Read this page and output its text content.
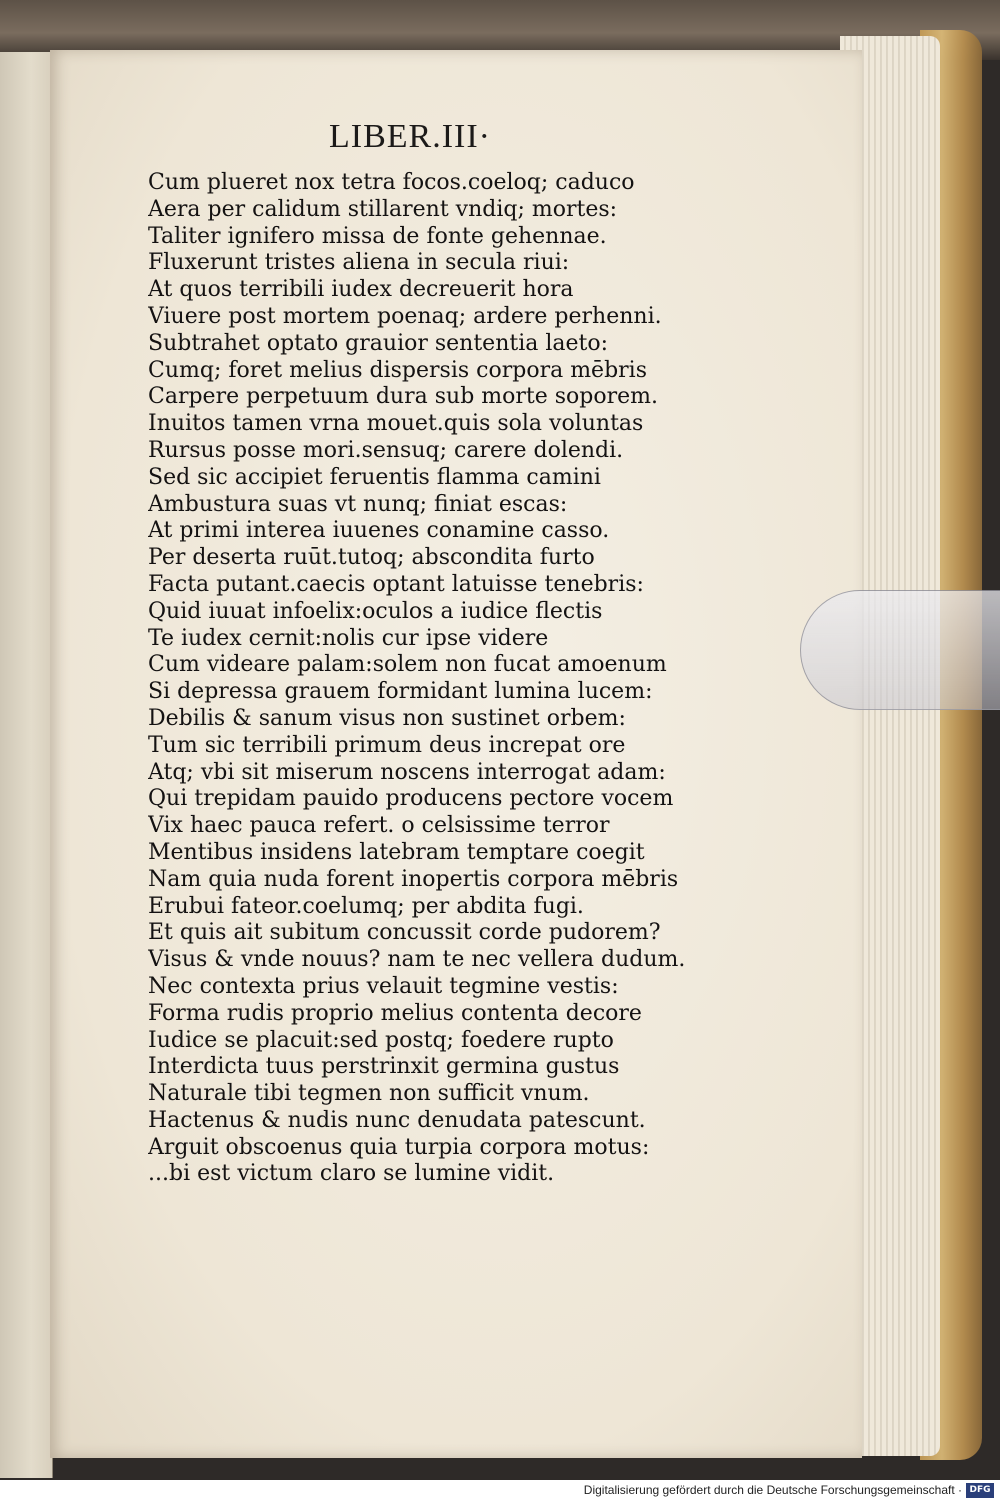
LIBER.III·
Cum plueret nox tetra focos.coeloq; caduco
Aera per calidum stillarent vndiq; mortes:
Taliter ignifero missa de fonte gehennae.
Fluxerunt tristes aliena in secula riui:
At quos terribili iudex decreuerit hora
Viuere post mortem poenaq; ardere perhenni.
Subtrahet optato grauior sententia laeto:
Cumq; foret melius dispersis corpora mēbris
Carpere perpetuum dura sub morte soporem.
Inuitos tamen vrna mouet.quis sola voluntas
Rursus posse mori.sensuq; carere dolendi.
Sed sic accipiet feruentis flamma camini
Ambustura suas vt nunq; finiat escas:
At primi interea iuuenes conamine casso.
Per deserta ruūt.tutoq; abscondita furto
Facta putant.caecis optant latuisse tenebris:
Quid iuuat infoelix:oculos a iudice flectis
Te iudex cernit:nolis cur ipse videre
Cum videare palam:solem non fucat amoenum
Si depressa grauem formidant lumina lucem:
Debilis & sanum visus non sustinet orbem:
Tum sic terribili primum deus increpat ore
Atq; vbi sit miserum noscens interrogat adam:
Qui trepidam pauido producens pectore vocem
Vix haec pauca refert. o celsissime terror
Mentibus insidens latebram temptare coegit
Nam quia nuda forent inopertis corpora mēbris
Erubui fateor.coelumq; per abdita fugi.
Et quis ait subitum concussit corde pudorem?
Visus & vnde nouus? nam te nec vellera dudum.
Nec contexta prius velauit tegmine vestis:
Forma rudis proprio melius contenta decore
Iudice se placuit:sed postq; foedere rupto
Interdicta tuus perstrinxit germina gustus
Naturale tibi tegmen non sufficit vnum.
Hactenus & nudis nunc denudata patescunt.
Arguit obscoenus quia turpia corpora motus:
...bi est victum claro se lumine vidit.
Digitalisierung gefördert durch die Deutsche Forschungsgemeinschaft · DFG
